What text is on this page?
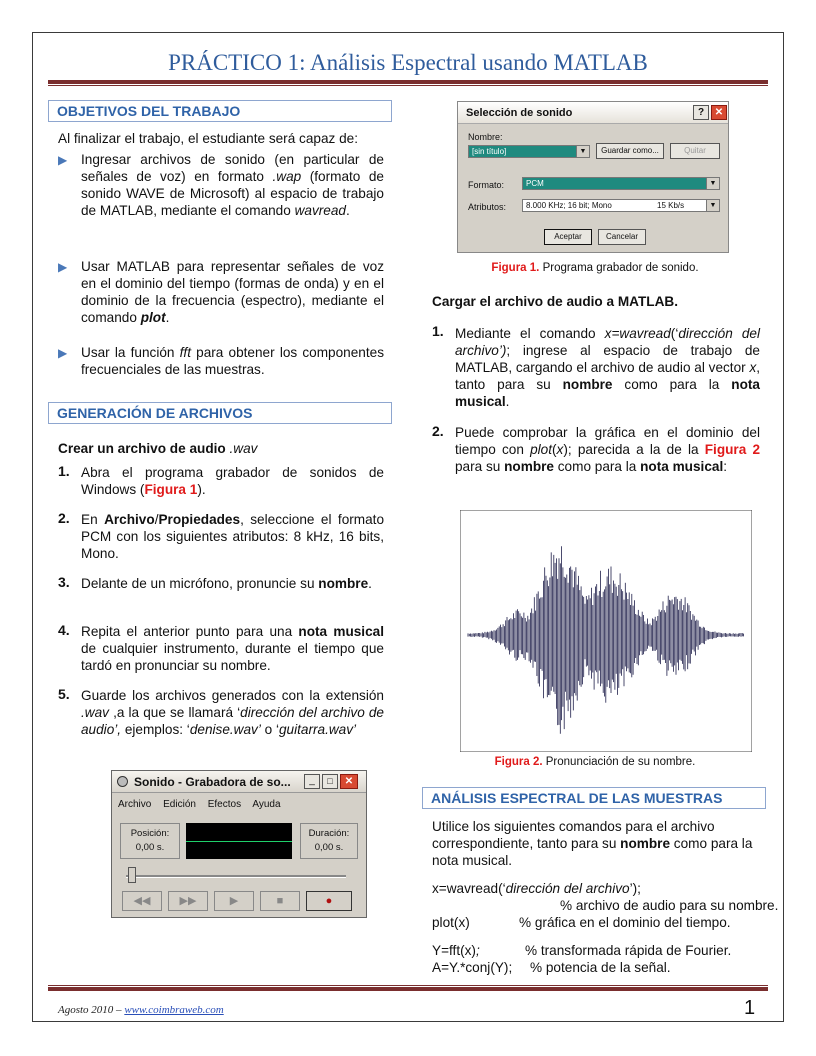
PRÁCTICO 1: Análisis Espectral usando MATLAB
OBJETIVOS DEL TRABAJO
Al finalizar el trabajo, el estudiante será capaz de:
▶ Ingresar archivos de sonido (en particular de señales de voz) en formato .wap (formato de sonido WAVE de Microsoft) al espacio de trabajo de MATLAB, mediante el comando wavread.
▶ Usar MATLAB para representar señales de voz en el dominio del tiempo (formas de onda) y en el dominio de la frecuencia (espectro), mediante el comando plot.
▶ Usar la función fft para obtener los componentes frecuenciales de las muestras.
GENERACIÓN DE ARCHIVOS
Crear un archivo de audio .wav
1. Abra el programa grabador de sonidos de Windows (Figura 1).
2. En Archivo/Propiedades, seleccione el formato PCM con los siguientes atributos: 8 kHz, 16 bits, Mono.
3. Delante de un micrófono, pronuncie su nombre.
4. Repita el anterior punto para una nota musical de cualquier instrumento, durante el tiempo que tardó en pronunciar su nombre.
5. Guarde los archivos generados con la extensión .wav ,a la que se llamará ‘dirección del archivo de audio’, ejemplos: ‘denise.wav’ o ‘guitarra.wav’
Sonido - Grabadora de so...	_	□	✕
Archivo Edición Efectos Ayuda
Posición:
0,00 s.
Duración:
0,00 s.
◀◀	▶▶	▶	■	●
Selección de sonido	?	✕
Nombre:
[sin título]	▼	Guardar como...	Quitar
Formato:	PCM	▼
Atributos:	8.000 KHz; 16 bit; Mono	15 Kb/s	▼
Aceptar	Cancelar
Figura 1. Programa grabador de sonido.
Cargar el archivo de audio a MATLAB.
1. Mediante el comando x=wavread(‘dirección del archivo’); ingrese al espacio de trabajo de MATLAB, cargando el archivo de audio al vector x, tanto para su nombre como para la nota musical.
2. Puede comprobar la gráfica en el dominio del tiempo con plot(x); parecida a la de la Figura 2 para su nombre como para la nota musical:
Figura 2. Pronunciación de su nombre.
ANÁLISIS ESPECTRAL DE LAS MUESTRAS
Utilice los siguientes comandos para el archivo correspondiente, tanto para su nombre como para la nota musical.
x=wavread(‘dirección del archivo’);
% archivo de audio para su nombre.
plot(x)	% gráfica en el dominio del tiempo.
Y=fft(x);	% transformada rápida de Fourier.
A=Y.*conj(Y); % potencia de la señal.
Agosto 2010 – www.coimbraweb.com	1
